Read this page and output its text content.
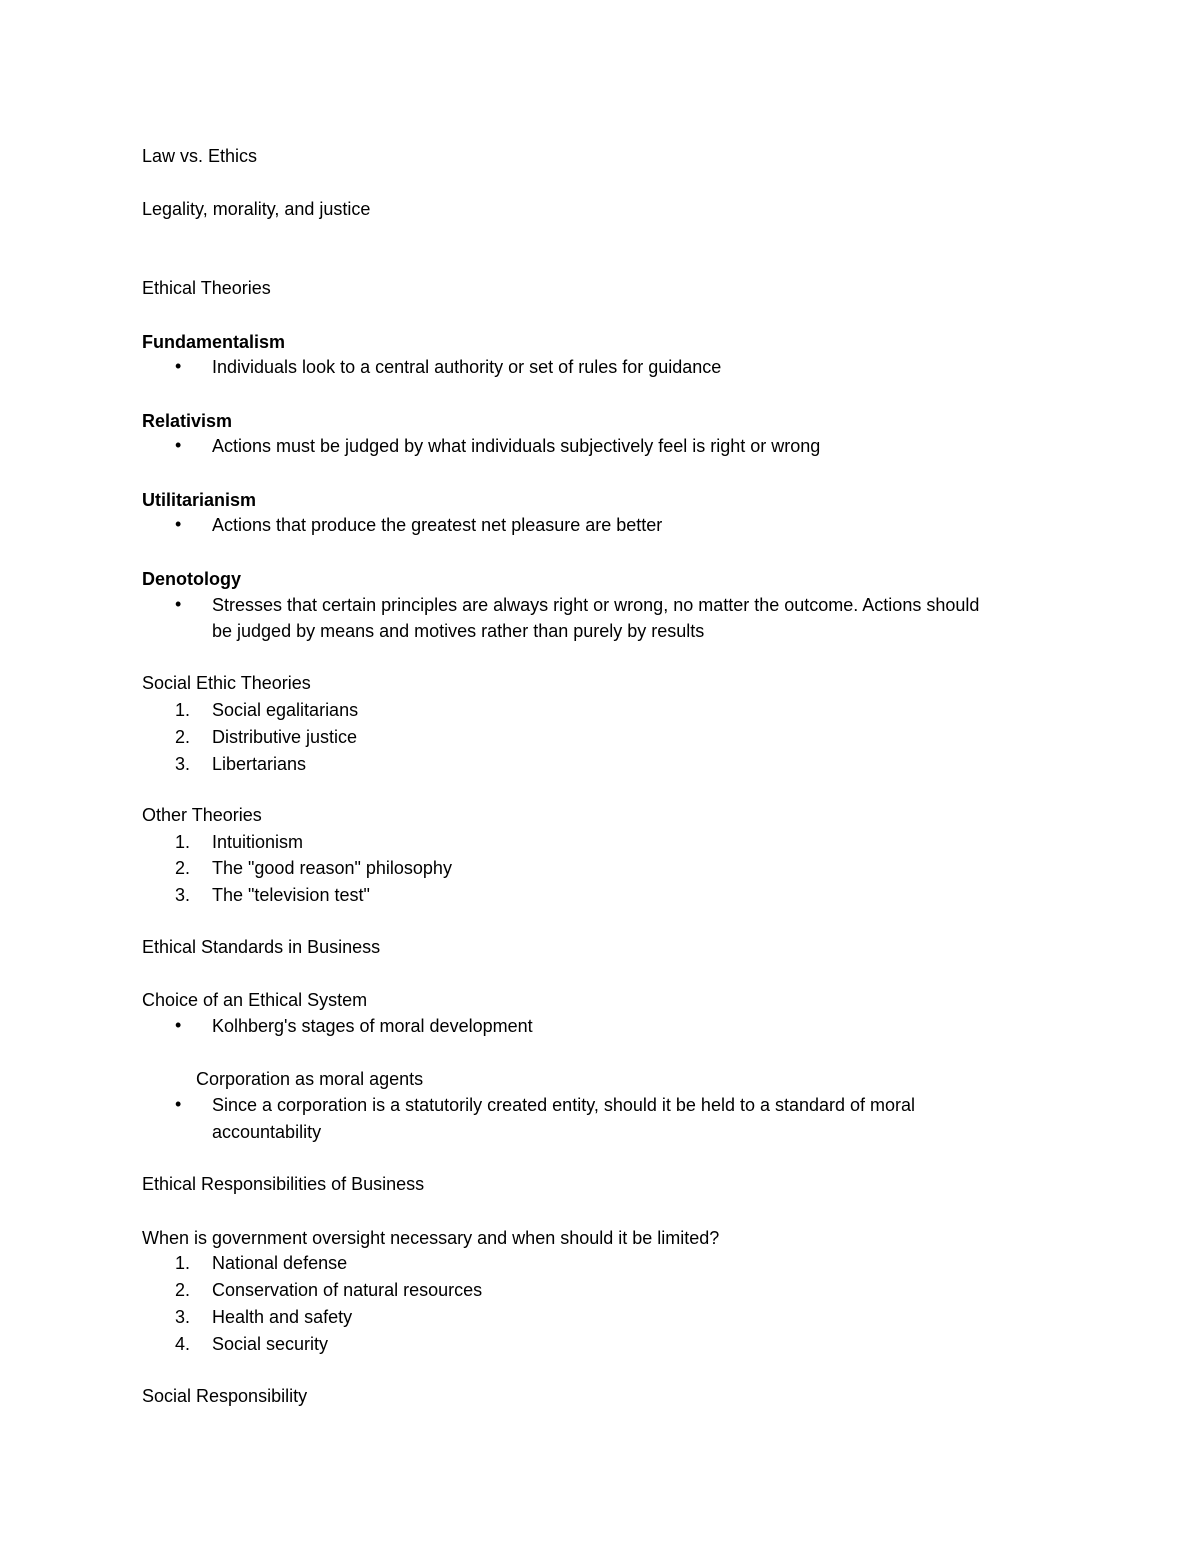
Law vs. Ethics
Legality, morality, and justice
Ethical Theories
Fundamentalism
• Individuals look to a central authority or set of rules for guidance
Relativism
• Actions must be judged by what individuals subjectively feel is right or wrong
Utilitarianism
• Actions that produce the greatest net pleasure are better
Denotology
• Stresses that certain principles are always right or wrong, no matter the outcome. Actions should
be judged by means and motives rather than purely by results
Social Ethic Theories
1. Social egalitarians
2. Distributive justice
3. Libertarians
Other Theories
1. Intuitionism
2. The "good reason" philosophy
3. The "television test"
Ethical Standards in Business
Choice of an Ethical System
• Kolhberg's stages of moral development
Corporation as moral agents
• Since a corporation is a statutorily created entity, should it be held to a standard of moral
accountability
Ethical Responsibilities of Business
When is government oversight necessary and when should it be limited?
1. National defense
2. Conservation of natural resources
3. Health and safety
4. Social security
Social Responsibility
